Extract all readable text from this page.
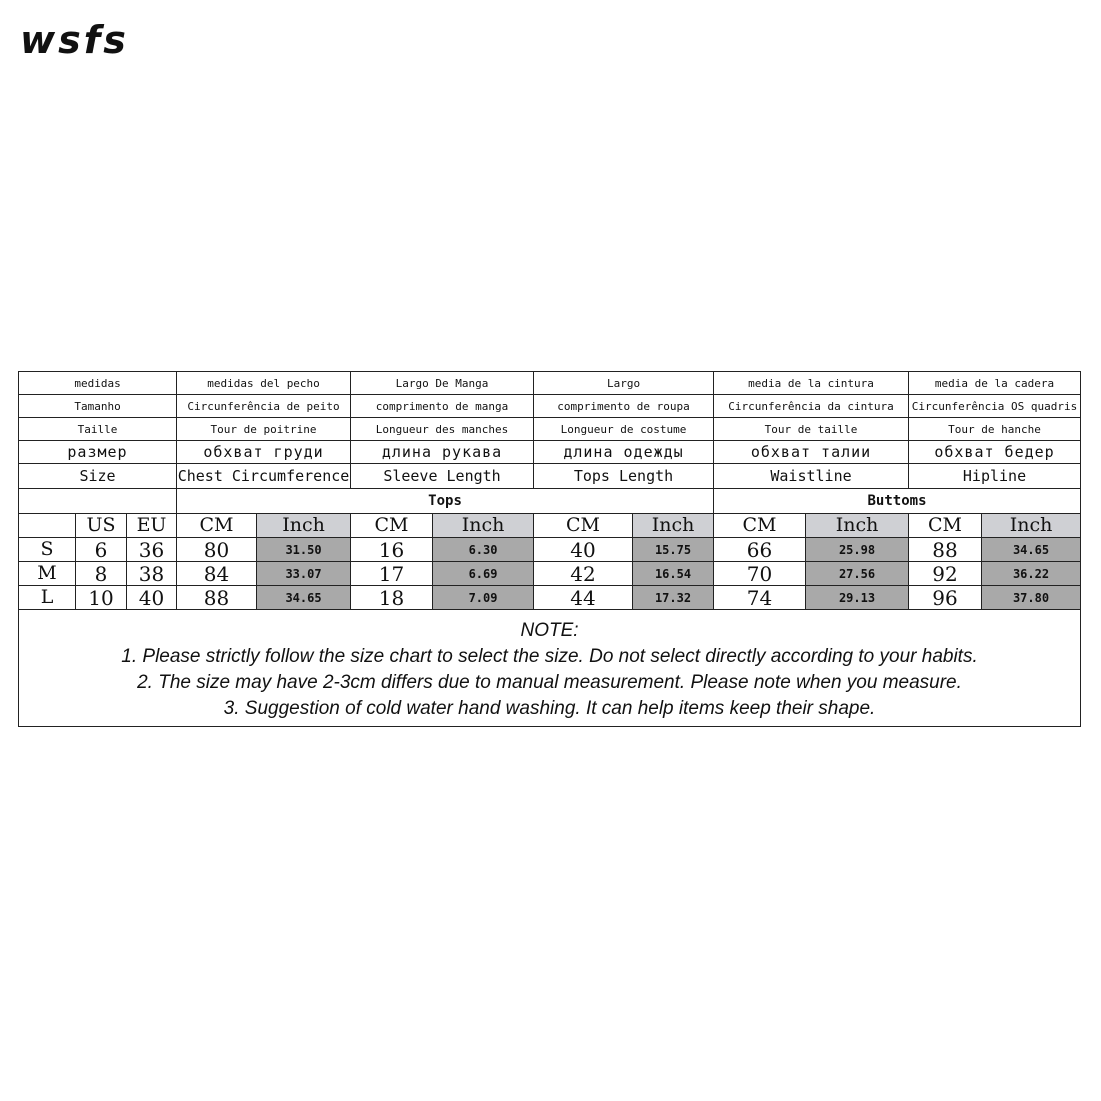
wsfs
medidas			medidas del pecho		Largo De Manga		Largo		media de la cintura		media de la cadera	
Tamanho			Circunferência de peito		comprimento de manga		comprimento de roupa		Circunferência da cintura		Circunferência OS quadris	
Taille			Tour de poitrine		Longueur des manches		Longueur de costume		Tour de taille		Tour de hanche	
размер			обхват груди		длина рукава		длина одежды		обхват талии		обхват бедер	
Size			Chest Circumference		Sleeve Length		Tops Length		Waistline		Hipline	
			Tops						Buttoms			
	US	EU	CM	Inch	CM	Inch	CM	Inch	CM	Inch	CM	Inch
S	6	36	80	31.50	16	6.30	40	15.75	66	25.98	88	34.65
M	8	38	84	33.07	17	6.69	42	16.54	70	27.56	92	36.22
L	10	40	88	34.65	18	7.09	44	17.32	74	29.13	96	37.80

NOTE:
1. Please strictly follow the size chart to select the size. Do not select directly according to your habits.
2. The size may have 2-3cm differs due to manual measurement. Please note when you measure.
3. Suggestion of cold water hand washing. It can help items keep their shape.												
